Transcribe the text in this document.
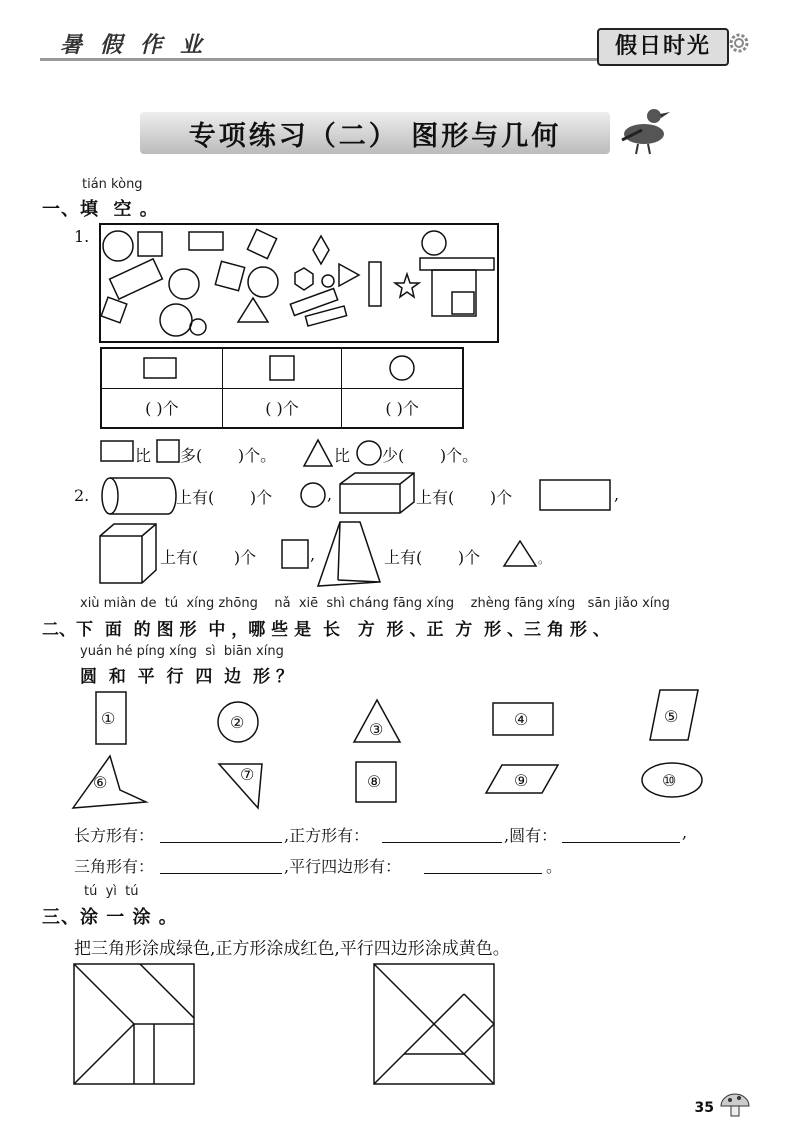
暑假作业	假日时光
专项练习（二） 图形与几何
tián kòng
一、填  空 。
1.

( )个	( )个	( )个
比 多(       )个。	比 少(       )个。
2.	上有(       )个	,	上有(       )个	,
上有(       )个	,	上有(       )个	。
xiù miàn de  tú  xíng zhōng    nǎ  xiē  shì cháng fāng xíng    zhèng fāng xíng   sān jiǎo xíng
二、下  面  的 图 形  中 ，哪 些 是  长   方  形 、正  方  形 、三 角 形 、
yuán hé píng xíng  sì  biān xíng
圆  和  平  行  四  边  形 ？
①	②	③
④	⑤
⑥	⑦	⑧	⑨	⑩
长方形有：	,正方形有：	,圆有：	,
三角形有：	,平行四边形有：	。
tú  yì  tú
三、涂 一 涂 。
把三角形涂成绿色,正方形涂成红色,平行四边形涂成黄色。
35
